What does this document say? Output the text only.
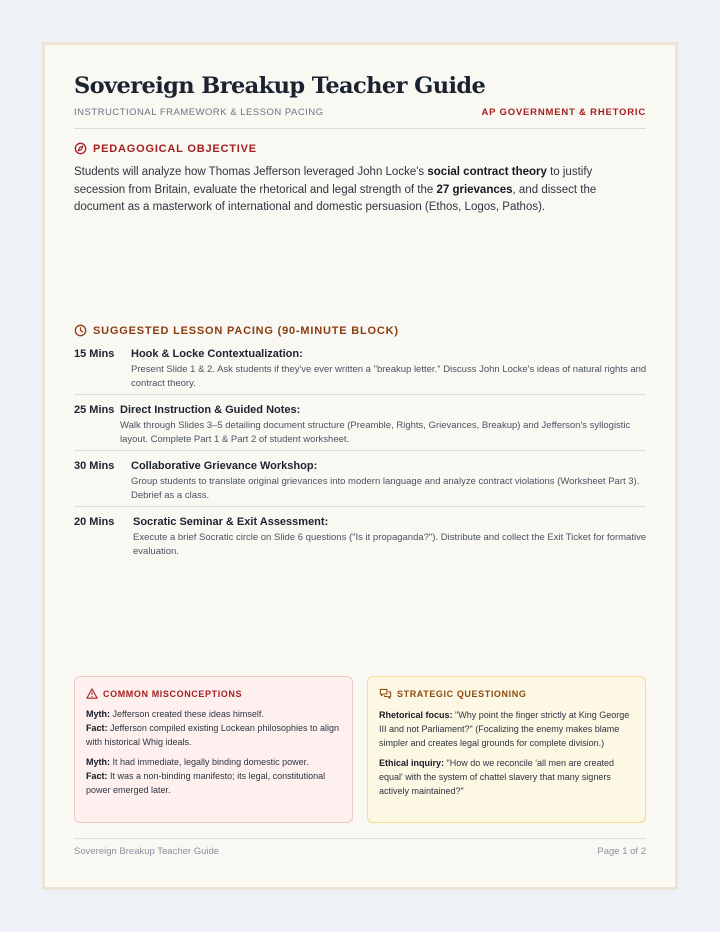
Sovereign Breakup Teacher Guide
INSTRUCTIONAL FRAMEWORK & LESSON PACING	AP GOVERNMENT & RHETORIC
PEDAGOGICAL OBJECTIVE

Students will analyze how Thomas Jefferson leveraged John Locke's social contract theory to justify secession from Britain, evaluate the rhetorical and legal strength of the 27 grievances, and dissect the document as a masterwork of international and domestic persuasion (Ethos, Logos, Pathos).

SUGGESTED LESSON PACING (90-MINUTE BLOCK)
15 Mins Hook & Locke Contextualization:

Present Slide 1 & 2. Ask students if they've ever written a "breakup letter." Discuss John Locke's ideas of natural rights and contract theory.

25 Mins Direct Instruction & Guided Notes:

Walk through Slides 3–5 detailing document structure (Preamble, Rights, Grievances, Breakup) and Jefferson's syllogistic layout. Complete Part 1 & Part 2 of student worksheet.

30 Mins Collaborative Grievance Workshop:

Group students to translate original grievances into modern language and analyze contract violations (Worksheet Part 3). Debrief as a class.

20 Mins Socratic Seminar & Exit Assessment:

Execute a brief Socratic circle on Slide 6 questions ("Is it propaganda?"). Distribute and collect the Exit Ticket for formative evaluation.

COMMON MISCONCEPTIONS

Myth: Jefferson created these ideas himself.

Fact: Jefferson compiled existing Lockean philosophies to align with historical Whig ideals.

Myth: It had immediate, legally binding domestic power.

Fact: It was a non-binding manifesto; its legal, constitutional power emerged later.

STRATEGIC QUESTIONING

Rhetorical focus: "Why point the finger strictly at King George III and not Parliament?" (Focalizing the enemy makes blame simpler and creates legal grounds for complete division.)

Ethical inquiry: "How do we reconcile 'all men are created equal' with the system of chattel slavery that many signers actively maintained?"

Sovereign Breakup Teacher Guide	Page 1 of 2
